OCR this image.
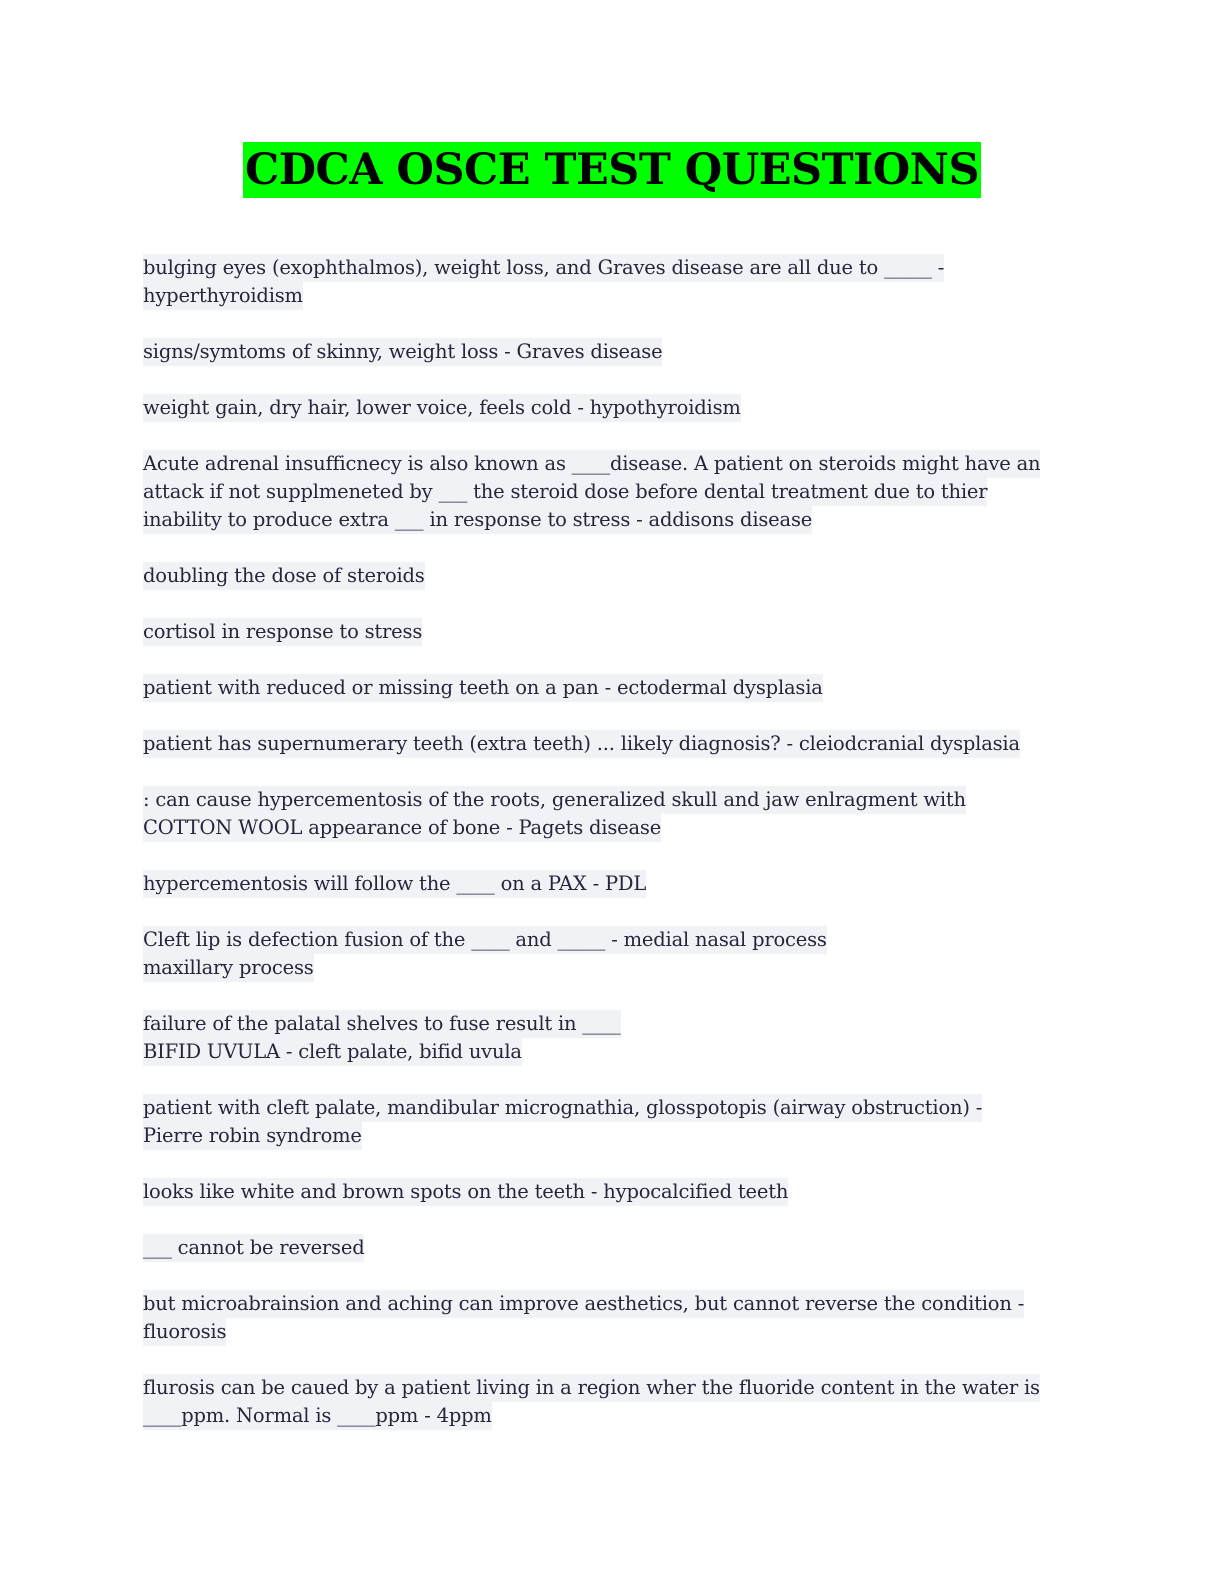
CDCA OSCE TEST QUESTIONS
bulging eyes (exophthalmos), weight loss, and Graves disease are all due to _____ -
hyperthyroidism
signs/symtoms of skinny, weight loss - Graves disease
weight gain, dry hair, lower voice, feels cold - hypothyroidism
Acute adrenal insufficnecy is also known as ____disease. A patient on steroids might have an
attack if not supplmeneted by ___ the steroid dose before dental treatment due to thier
inability to produce extra ___ in response to stress - addisons disease
doubling the dose of steroids
cortisol in response to stress
patient with reduced or missing teeth on a pan - ectodermal dysplasia
patient has supernumerary teeth (extra teeth) ... likely diagnosis? - cleiodcranial dysplasia
: can cause hypercementosis of the roots, generalized skull and jaw enlragment with
COTTON WOOL appearance of bone - Pagets disease
hypercementosis will follow the ____ on a PAX - PDL
Cleft lip is defection fusion of the ____ and _____ - medial nasal process
maxillary process
failure of the palatal shelves to fuse result in ____
BIFID UVULA - cleft palate, bifid uvula
patient with cleft palate, mandibular micrognathia, glosspotopis (airway obstruction) -
Pierre robin syndrome
looks like white and brown spots on the teeth - hypocalcified teeth
___ cannot be reversed
but microabrainsion and aching can improve aesthetics, but cannot reverse the condition -
fluorosis
flurosis can be caued by a patient living in a region wher the fluoride content in the water is
____ppm. Normal is ____ppm - 4ppm
